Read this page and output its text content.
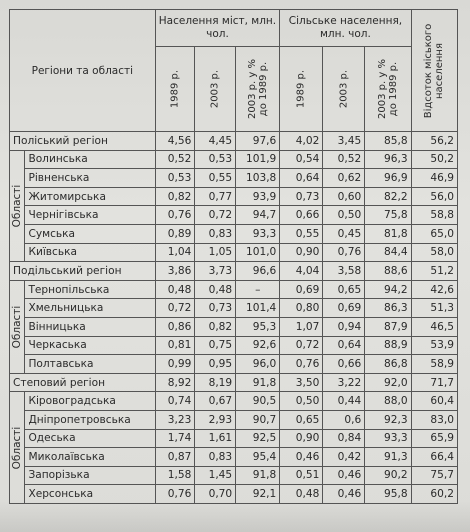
Регіони та області		Населення міст, млн. чол.			Сільське населення, млн. чол.			Відсоток міського населення

		1989 р.	2003 р.	2003 р. у % до 1989 р.	1989 р.	2003 р.	2003 р. у % до 1989 р.	

Поліський регіон		4,56	4,45	97,6	4,02	3,45	85,8	56,2

Області	Волинська	0,52	0,53	101,9	0,54	0,52	96,3	50,2
	Рівненська	0,53	0,55	103,8	0,64	0,62	96,9	46,9
	Житомирська	0,82	0,77	93,9	0,73	0,60	82,2	56,0
	Чернігівська	0,76	0,72	94,7	0,66	0,50	75,8	58,8
	Сумська	0,89	0,83	93,3	0,55	0,45	81,8	65,0
	Київська	1,04	1,05	101,0	0,90	0,76	84,4	58,0
Подільський регіон		3,86	3,73	96,6	4,04	3,58	88,6	51,2

Області	Тернопільська	0,48	0,48	–	0,69	0,65	94,2	42,6
	Хмельницька	0,72	0,73	101,4	0,80	0,69	86,3	51,3
	Вінницька	0,86	0,82	95,3	1,07	0,94	87,9	46,5
	Черкаська	0,81	0,75	92,6	0,72	0,64	88,9	53,9
	Полтавська	0,99	0,95	96,0	0,76	0,66	86,8	58,9
Степовий регіон		8,92	8,19	91,8	3,50	3,22	92,0	71,7

Області	Кіровоградська	0,74	0,67	90,5	0,50	0,44	88,0	60,4
	Дніпропетровська	3,23	2,93	90,7	0,65	0,6	92,3	83,0
	Одеська	1,74	1,61	92,5	0,90	0,84	93,3	65,9
	Миколаївська	0,87	0,83	95,4	0,46	0,42	91,3	66,4
	Запорізька	1,58	1,45	91,8	0,51	0,46	90,2	75,7
	Херсонська	0,76	0,70	92,1	0,48	0,46	95,8	60,2
